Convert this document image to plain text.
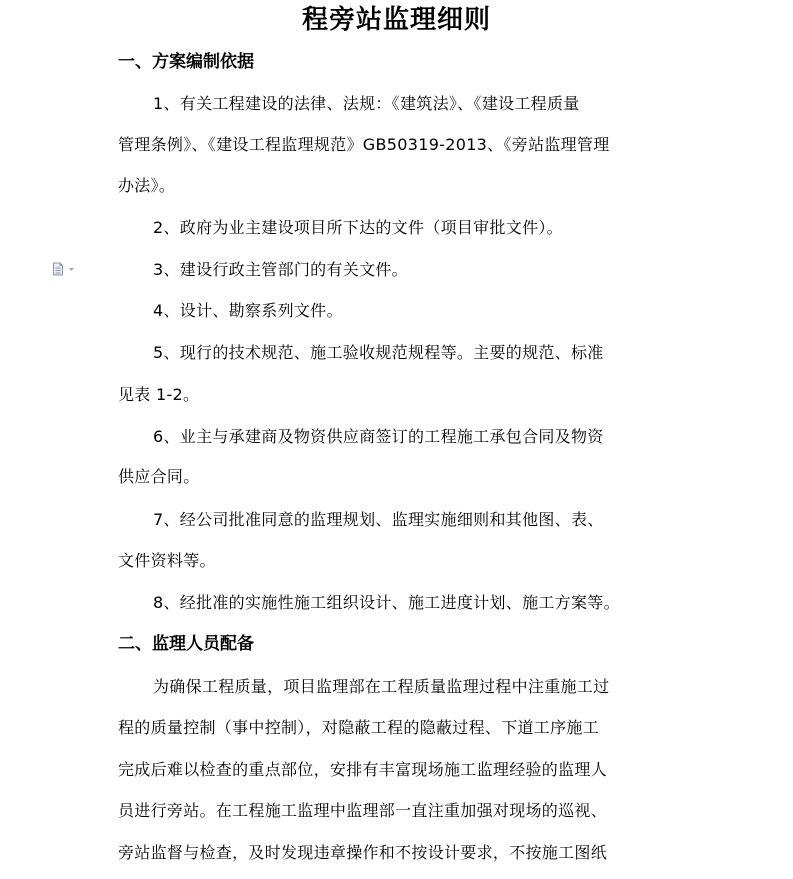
程旁站监理细则
一、方案编制依据
1、有关工程建设的法律、法规：《建筑法》、《建设工程质量
管理条例》、《建设工程监理规范》GB50319-2013、《旁站监理管理
办法》。
2、政府为业主建设项目所下达的文件（项目审批文件）。
3、建设行政主管部门的有关文件。
4、设计、勘察系列文件。
5、现行的技术规范、施工验收规范规程等。主要的规范、标准
见表 1-2。
6、业主与承建商及物资供应商签订的工程施工承包合同及物资
供应合同。
7、经公司批准同意的监理规划、监理实施细则和其他图、表、
文件资料等。
8、经批准的实施性施工组织设计、施工进度计划、施工方案等。
二、监理人员配备
为确保工程质量，项目监理部在工程质量监理过程中注重施工过
程的质量控制（事中控制），对隐蔽工程的隐蔽过程、下道工序施工
完成后难以检查的重点部位，安排有丰富现场施工监理经验的监理人
员进行旁站。在工程施工监理中监理部一直注重加强对现场的巡视、
旁站监督与检查，及时发现违章操作和不按设计要求，不按施工图纸
